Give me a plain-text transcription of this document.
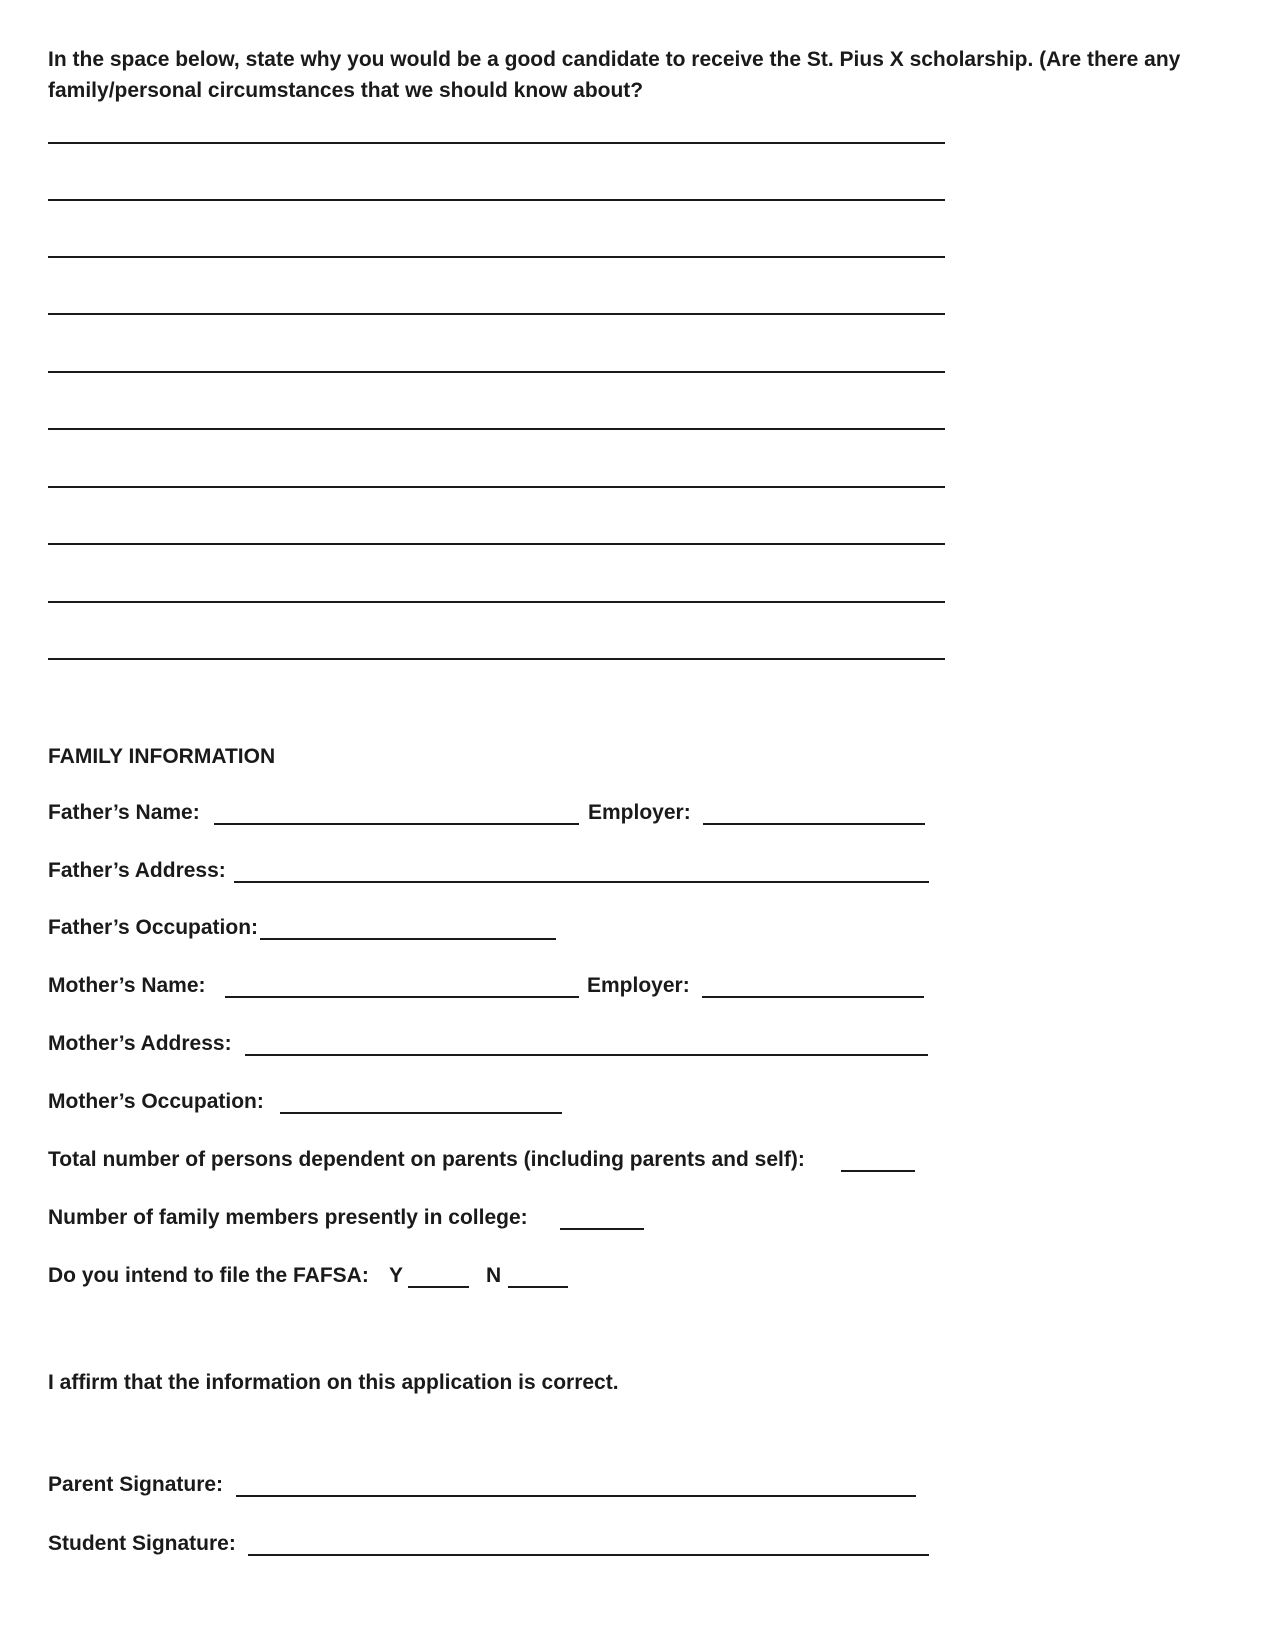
In the space below, state why you would be a good candidate to receive the St. Pius X scholarship. (Are there any family/personal circumstances that we should know about?
FAMILY INFORMATION
Father’s Name:	Employer:
Father’s Address:
Father’s Occupation:
Mother’s Name:	Employer:
Mother’s Address:
Mother’s Occupation:
Total number of persons dependent on parents (including parents and self):
Number of family members presently in college:
Do you intend to file the FAFSA: Y	N
I affirm that the information on this application is correct.
Parent Signature:
Student Signature:
